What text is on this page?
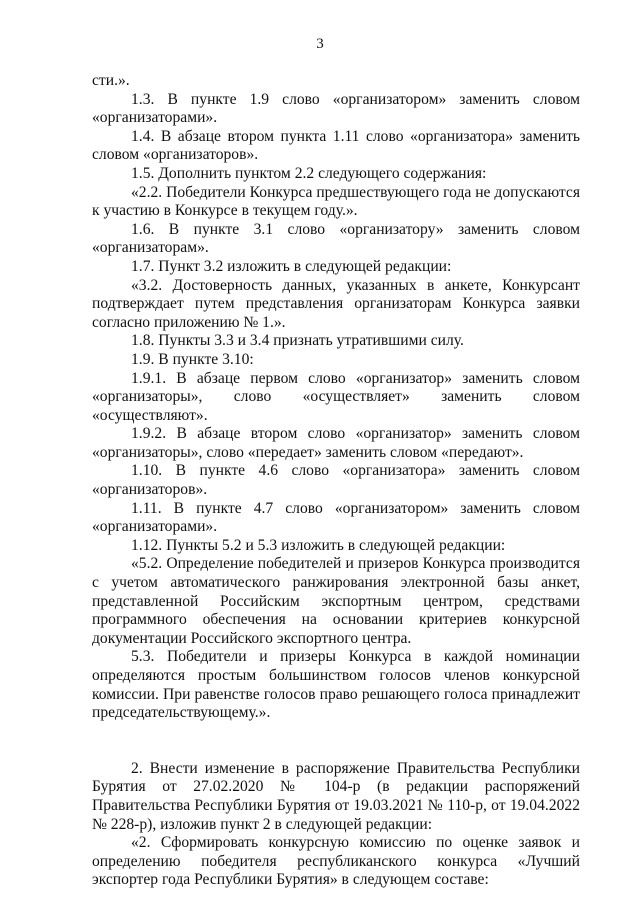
3

сти.».

1.3. В пункте 1.9 слово «организатором» заменить словом «организаторами».

1.4. В абзаце втором пункта 1.11 слово «организатора» заменить словом «организаторов».

1.5. Дополнить пунктом 2.2 следующего содержания:

«2.2. Победители Конкурса предшествующего года не допускаются к участию в Конкурсе в текущем году.».

1.6. В пункте 3.1 слово «организатору» заменить словом «организаторам».

1.7. Пункт 3.2 изложить в следующей редакции:

«3.2. Достоверность данных, указанных в анкете, Конкурсант подтверждает путем представления организаторам Конкурса заявки согласно приложению № 1.».

1.8. Пункты 3.3 и 3.4 признать утратившими силу.

1.9. В пункте 3.10:

1.9.1. В абзаце первом слово «организатор» заменить словом «организаторы», слово «осуществляет» заменить словом «осуществляют».

1.9.2. В абзаце втором слово «организатор» заменить словом «организаторы», слово «передает» заменить словом «передают».

1.10. В пункте 4.6 слово «организатора» заменить словом «организаторов».

1.11. В пункте 4.7 слово «организатором» заменить словом «организаторами».

1.12. Пункты 5.2 и 5.3 изложить в следующей редакции:

«5.2. Определение победителей и призеров Конкурса производится с учетом автоматического ранжирования электронной базы анкет, представленной Российским экспортным центром, средствами программного обеспечения на основании критериев конкурсной документации Российского экспортного центра.

5.3. Победители и призеры Конкурса в каждой номинации определяются простым большинством голосов членов конкурсной комиссии. При равенстве голосов право решающего голоса принадлежит председательствующему.».

2. Внести изменение в распоряжение Правительства Республики Бурятия от 27.02.2020 № 104-р (в редакции распоряжений Правительства Республики Бурятия от 19.03.2021 № 110-р, от 19.04.2022 № 228-р), изложив пункт 2 в следующей редакции:

«2. Сформировать конкурсную комиссию по оценке заявок и определению победителя республиканского конкурса «Лучший экспортер года Республики Бурятия» в следующем составе:
